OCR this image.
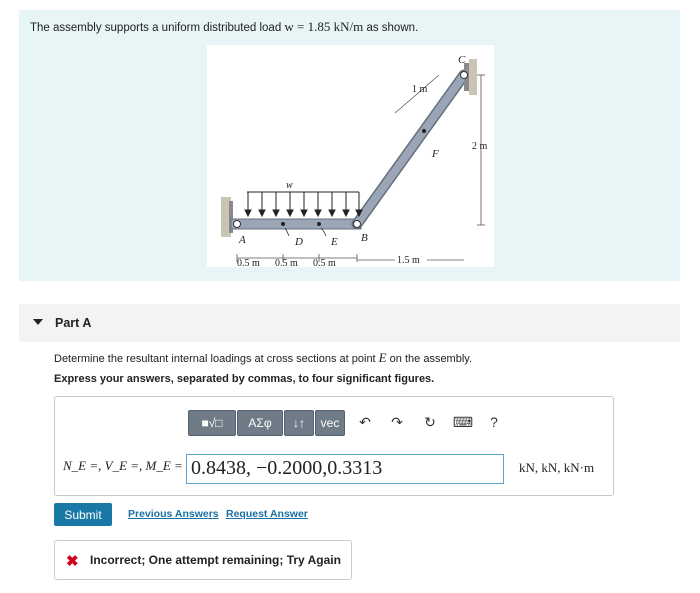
The assembly supports a uniform distributed load w = 1.85 kN/m as shown.
w
A	D	E B
C
F
1 m
2 m
1.5 m
0.5 m 0.5 m 0.5 m
Part A
Determine the resultant internal loadings at cross sections at point E on the assembly.
Express your answers, separated by commas, to four significant figures.
■√□	ΑΣφ	↓↑	vec	↶	↷	↻	⌨	?
N_E =, V_E =, M_E = 0.8438, −0.2000,0.3313	kN, kN, kN·m
Submit	Previous Answers Request Answer
✖ Incorrect; One attempt remaining; Try Again
